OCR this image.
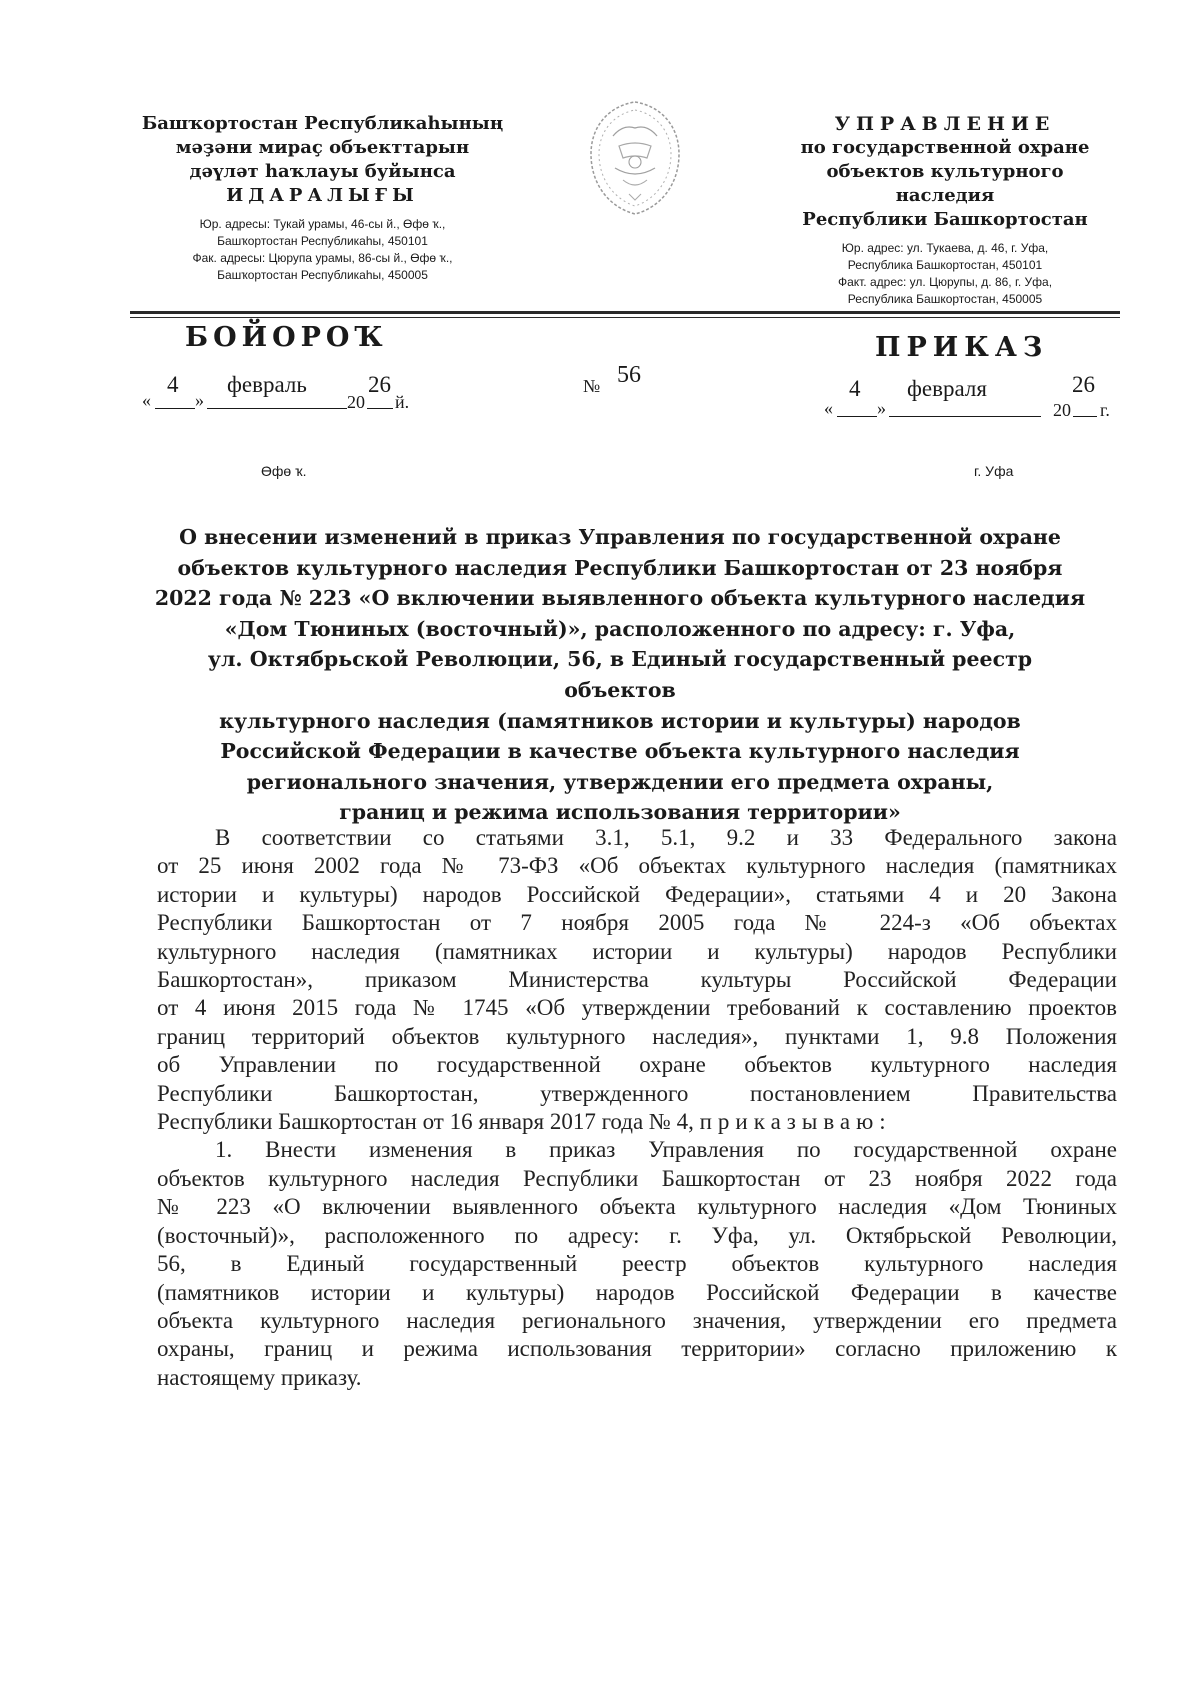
Башҡортостан Республикаһының
мәҙәни мираҫ объекттарын
дәүләт һаҡлауы буйынса
ИДАРАЛЫҒЫ
Юр. адресы: Тукай урамы, 46-сы й., Өфө ҡ.,
Башҡортостан Республикаһы, 450101
Фак. адресы: Цюрупа урамы, 86-сы й., Өфө ҡ.,
Башҡортостан Республикаһы, 450005
УПРАВЛЕНИЕ
по государственной охране
объектов культурного наследия
Республики Башкортостан
Юр. адрес: ул. Тукаева, д. 46, г. Уфа,
Республика Башкортостан, 450101
Факт. адрес: ул. Цюрупы, д. 86, г. Уфа,
Республика Башкортостан, 450005
БОЙОРОҠ	ПРИКАЗ
«
4
»
февраль
20
26
й.
№ 56
«
4
»
февраля
20
26
г.
Өфө ҡ.	г. Уфа
О внесении изменений в приказ Управления по государственной охране
объектов культурного наследия Республики Башкортостан от 23 ноября
2022 года № 223 «О включении выявленного объекта культурного наследия
«Дом Тюниных (восточный)», расположенного по адресу: г. Уфа,
ул. Октябрьской Революции, 56, в Единый государственный реестр объектов
культурного наследия (памятников истории и культуры) народов
Российской Федерации в качестве объекта культурного наследия
регионального значения, утверждении его предмета охраны,
границ и режима использования территории»
В соответствии со статьями 3.1, 5.1, 9.2 и 33 Федерального закона
от 25 июня 2002 года № 73-ФЗ «Об объектах культурного наследия (памятниках
истории и культуры) народов Российской Федерации», статьями 4 и 20 Закона
Республики Башкортостан от 7 ноября 2005 года № 224-з «Об объектах
культурного наследия (памятниках истории и культуры) народов Республики
Башкортостан», приказом Министерства культуры Российской Федерации
от 4 июня 2015 года № 1745 «Об утверждении требований к составлению проектов
границ территорий объектов культурного наследия», пунктами 1, 9.8 Положения
об Управлении по государственной охране объектов культурного наследия
Республики Башкортостан, утвержденного постановлением Правительства
Республики Башкортостан от 16 января 2017 года № 4, приказываю:
1. Внести изменения в приказ Управления по государственной охране
объектов культурного наследия Республики Башкортостан от 23 ноября 2022 года
№ 223 «О включении выявленного объекта культурного наследия «Дом Тюниных
(восточный)», расположенного по адресу: г. Уфа, ул. Октябрьской Революции,
56, в Единый государственный реестр объектов культурного наследия
(памятников истории и культуры) народов Российской Федерации в качестве
объекта культурного наследия регионального значения, утверждении его предмета
охраны, границ и режима использования территории» согласно приложению к
настоящему приказу.
